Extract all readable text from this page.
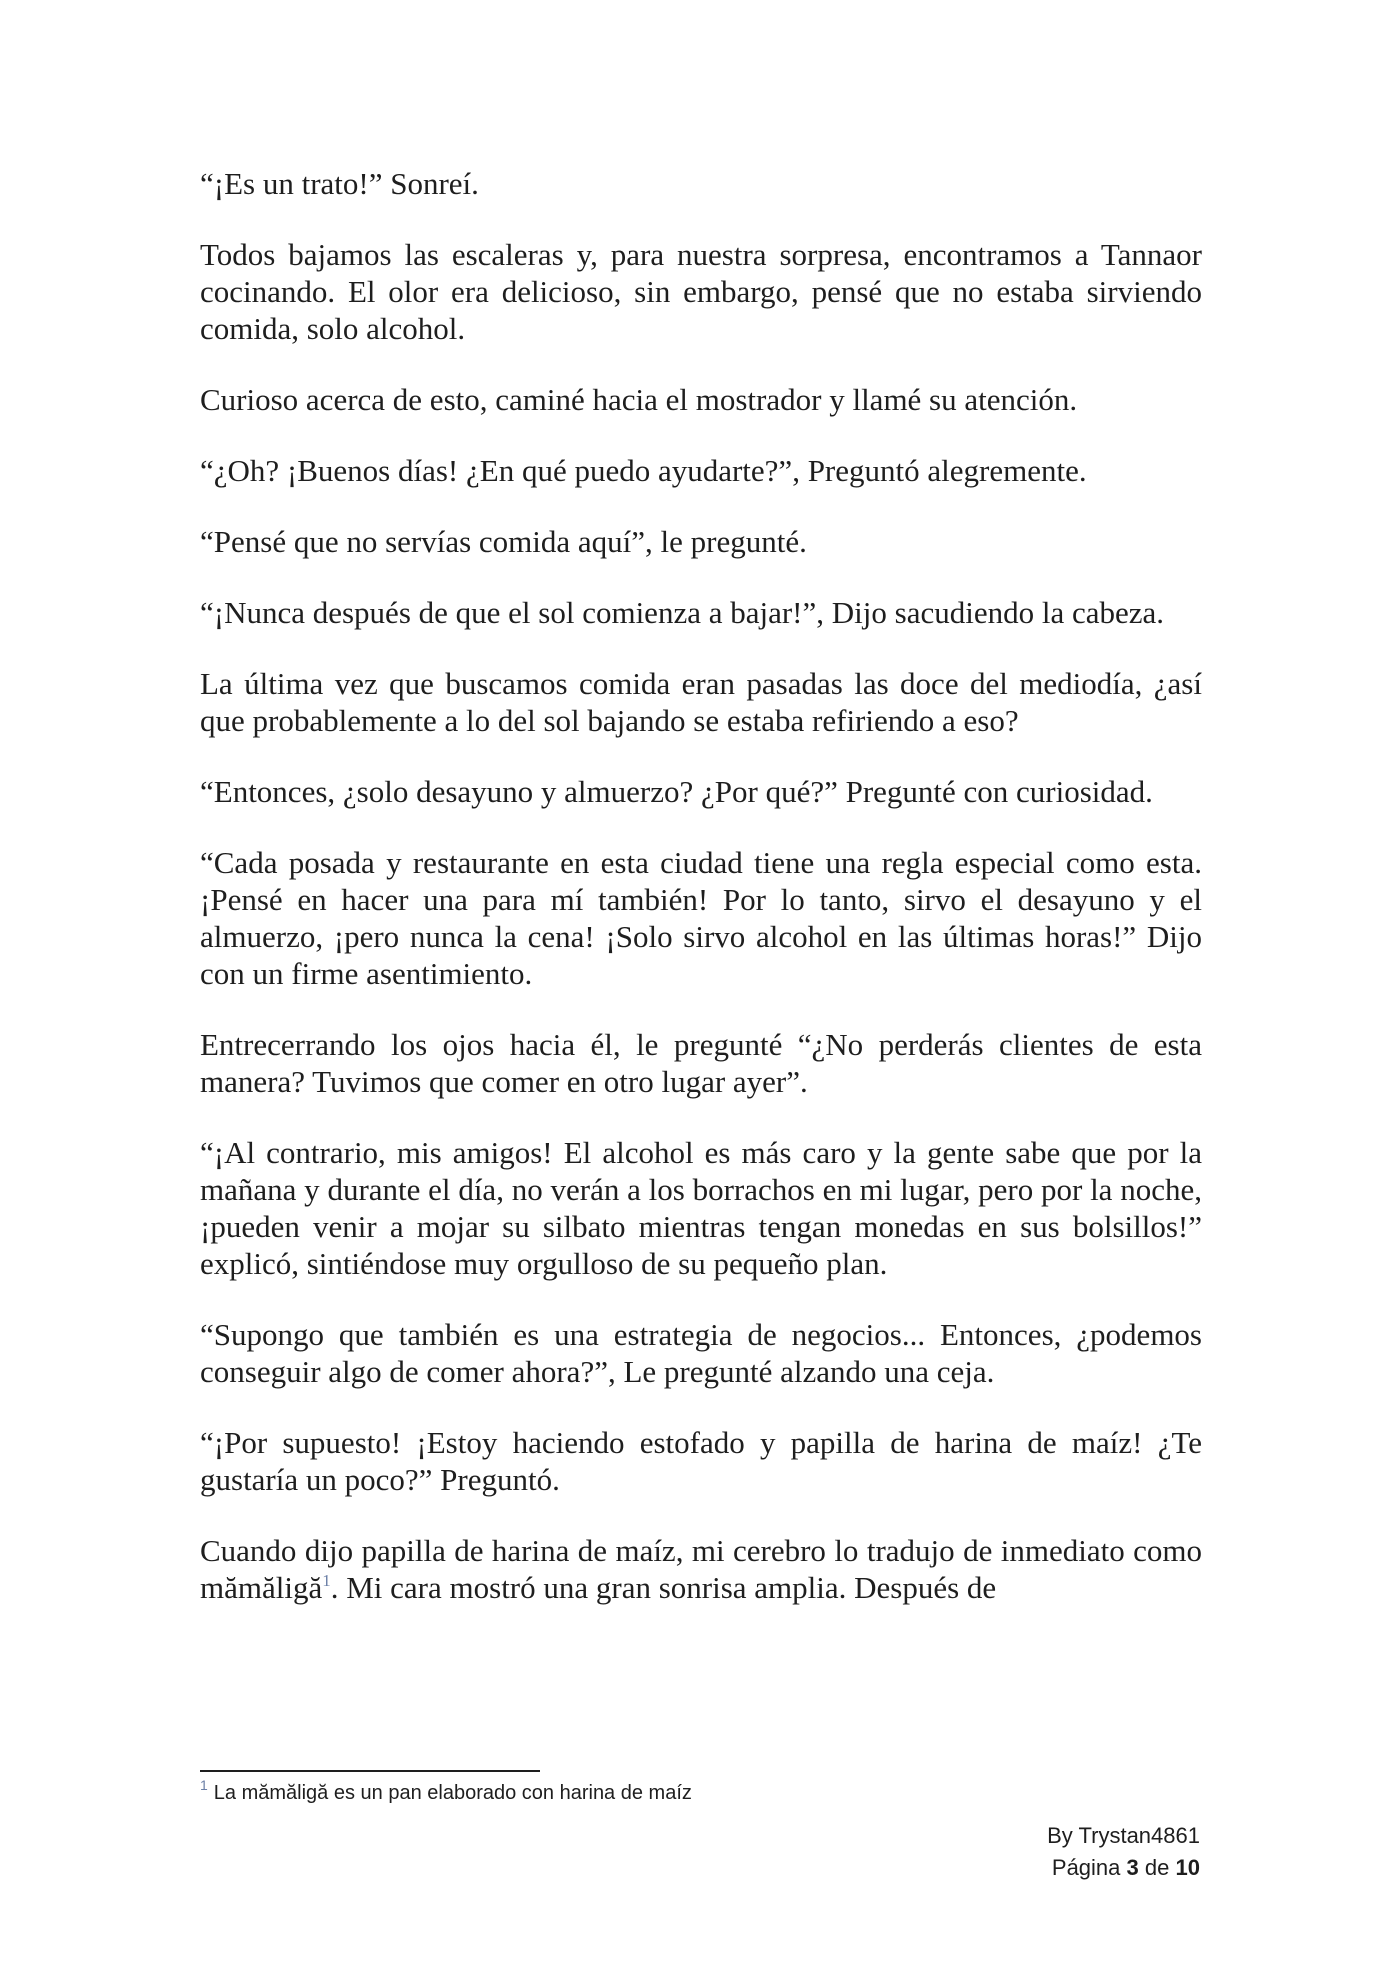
“¡Es un trato!” Sonreí.

Todos bajamos las escaleras y, para nuestra sorpresa, encontramos a Tannaor cocinando. El olor era delicioso, sin embargo, pensé que no estaba sirviendo comida, solo alcohol.

Curioso acerca de esto, caminé hacia el mostrador y llamé su atención.

“¿Oh? ¡Buenos días! ¿En qué puedo ayudarte?”, Preguntó alegremente.

“Pensé que no servías comida aquí”, le pregunté.

“¡Nunca después de que el sol comienza a bajar!”, Dijo sacudiendo la cabeza.

La última vez que buscamos comida eran pasadas las doce del mediodía, ¿así que probablemente a lo del sol bajando se estaba refiriendo a eso?

“Entonces, ¿solo desayuno y almuerzo? ¿Por qué?” Pregunté con curiosidad.

“Cada posada y restaurante en esta ciudad tiene una regla especial como esta. ¡Pensé en hacer una para mí también! Por lo tanto, sirvo el desayuno y el almuerzo, ¡pero nunca la cena! ¡Solo sirvo alcohol en las últimas horas!” Dijo con un firme asentimiento.

Entrecerrando los ojos hacia él, le pregunté “¿No perderás clientes de esta manera? Tuvimos que comer en otro lugar ayer”.

“¡Al contrario, mis amigos! El alcohol es más caro y la gente sabe que por la mañana y durante el día, no verán a los borrachos en mi lugar, pero por la noche, ¡pueden venir a mojar su silbato mientras tengan monedas en sus bolsillos!” explicó, sintiéndose muy orgulloso de su pequeño plan.

“Supongo que también es una estrategia de negocios... Entonces, ¿podemos conseguir algo de comer ahora?”, Le pregunté alzando una ceja.

“¡Por supuesto! ¡Estoy haciendo estofado y papilla de harina de maíz! ¿Te gustaría un poco?” Preguntó.

Cuando dijo papilla de harina de maíz, mi cerebro lo tradujo de inmediato como mămăligă$^1$. Mi cara mostró una gran sonrisa amplia. Después de

$^1$ La mămăligă es un pan elaborado con harina de maíz
By Trystan4861
Página 3 de 10
